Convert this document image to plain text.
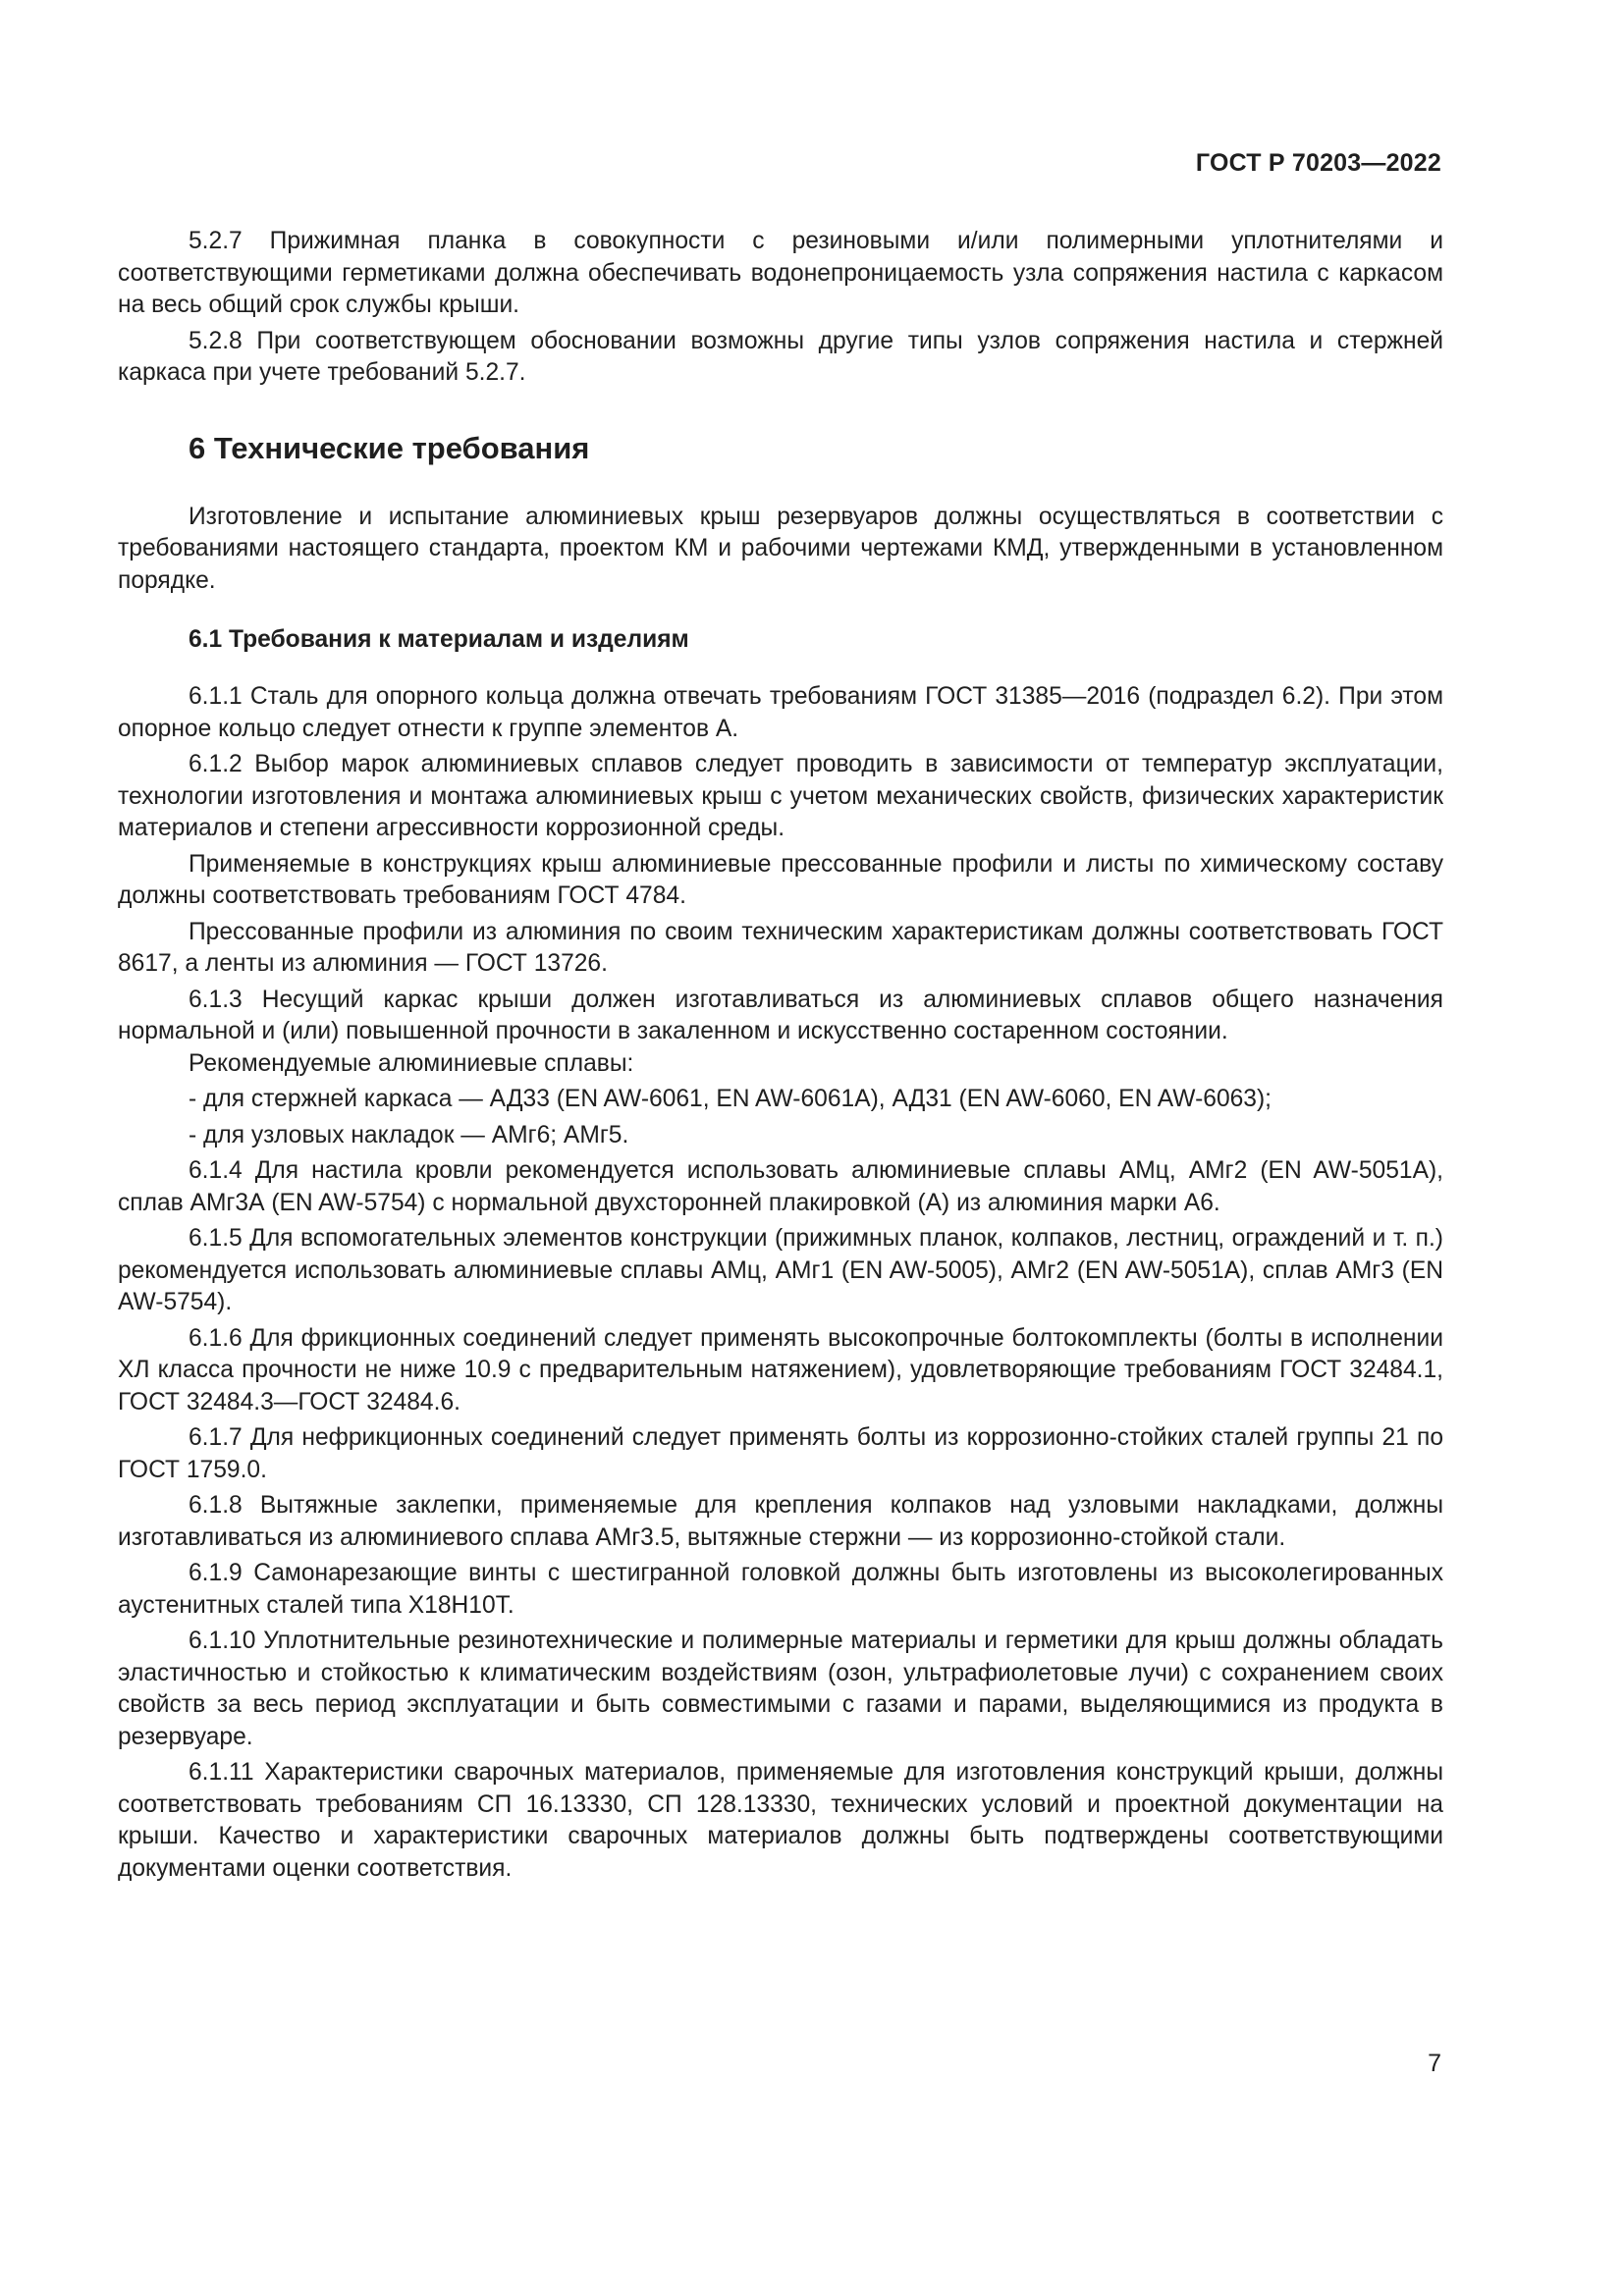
ГОСТ Р 70203—2022

5.2.7 Прижимная планка в совокупности с резиновыми и/или полимерными уплотнителями и соответствующими герметиками должна обеспечивать водонепроницаемость узла сопряжения настила с каркасом на весь общий срок службы крыши.

5.2.8 При соответствующем обосновании возможны другие типы узлов сопряжения настила и стержней каркаса при учете требований 5.2.7.

6 Технические требования

Изготовление и испытание алюминиевых крыш резервуаров должны осуществляться в соответствии с требованиями настоящего стандарта, проектом КМ и рабочими чертежами КМД, утвержденными в установленном порядке.

6.1 Требования к материалам и изделиям

6.1.1 Сталь для опорного кольца должна отвечать требованиям ГОСТ 31385—2016 (подраздел 6.2). При этом опорное кольцо следует отнести к группе элементов А.

6.1.2 Выбор марок алюминиевых сплавов следует проводить в зависимости от температур эксплуатации, технологии изготовления и монтажа алюминиевых крыш с учетом механических свойств, физических характеристик материалов и степени агрессивности коррозионной среды.

Применяемые в конструкциях крыш алюминиевые прессованные профили и листы по химическому составу должны соответствовать требованиям ГОСТ 4784.

Прессованные профили из алюминия по своим техническим характеристикам должны соответствовать ГОСТ 8617, а ленты из алюминия — ГОСТ 13726.

6.1.3 Несущий каркас крыши должен изготавливаться из алюминиевых сплавов общего назначения нормальной и (или) повышенной прочности в закаленном и искусственно состаренном состоянии.

Рекомендуемые алюминиевые сплавы:

- для стержней каркаса — АД33 (EN AW-6061, EN AW-6061A), АД31 (EN AW-6060, EN AW-6063);

- для узловых накладок — АМг6; АМг5.

6.1.4 Для настила кровли рекомендуется использовать алюминиевые сплавы АМц, АМг2 (EN AW-5051A), сплав АМг3А (EN AW-5754) с нормальной двухсторонней плакировкой (А) из алюминия марки А6.

6.1.5 Для вспомогательных элементов конструкции (прижимных планок, колпаков, лестниц, ограждений и т. п.) рекомендуется использовать алюминиевые сплавы АМц, АМг1 (EN AW-5005), АМг2 (EN AW-5051A), сплав АМг3 (EN AW-5754).

6.1.6 Для фрикционных соединений следует применять высокопрочные болтокомплекты (болты в исполнении ХЛ класса прочности не ниже 10.9 с предварительным натяжением), удовлетворяющие требованиям ГОСТ 32484.1, ГОСТ 32484.3—ГОСТ 32484.6.

6.1.7 Для нефрикционных соединений следует применять болты из коррозионно-стойких сталей группы 21 по ГОСТ 1759.0.

6.1.8 Вытяжные заклепки, применяемые для крепления колпаков над узловыми накладками, должны изготавливаться из алюминиевого сплава АМг3.5, вытяжные стержни — из коррозионно-стойкой стали.

6.1.9 Самонарезающие винты с шестигранной головкой должны быть изготовлены из высоколегированных аустенитных сталей типа Х18Н10Т.

6.1.10 Уплотнительные резинотехнические и полимерные материалы и герметики для крыш должны обладать эластичностью и стойкостью к климатическим воздействиям (озон, ультрафиолетовые лучи) с сохранением своих свойств за весь период эксплуатации и быть совместимыми с газами и парами, выделяющимися из продукта в резервуаре.

6.1.11 Характеристики сварочных материалов, применяемые для изготовления конструкций крыши, должны соответствовать требованиям СП 16.13330, СП 128.13330, технических условий и проектной документации на крыши. Качество и характеристики сварочных материалов должны быть подтверждены соответствующими документами оценки соответствия.

7
